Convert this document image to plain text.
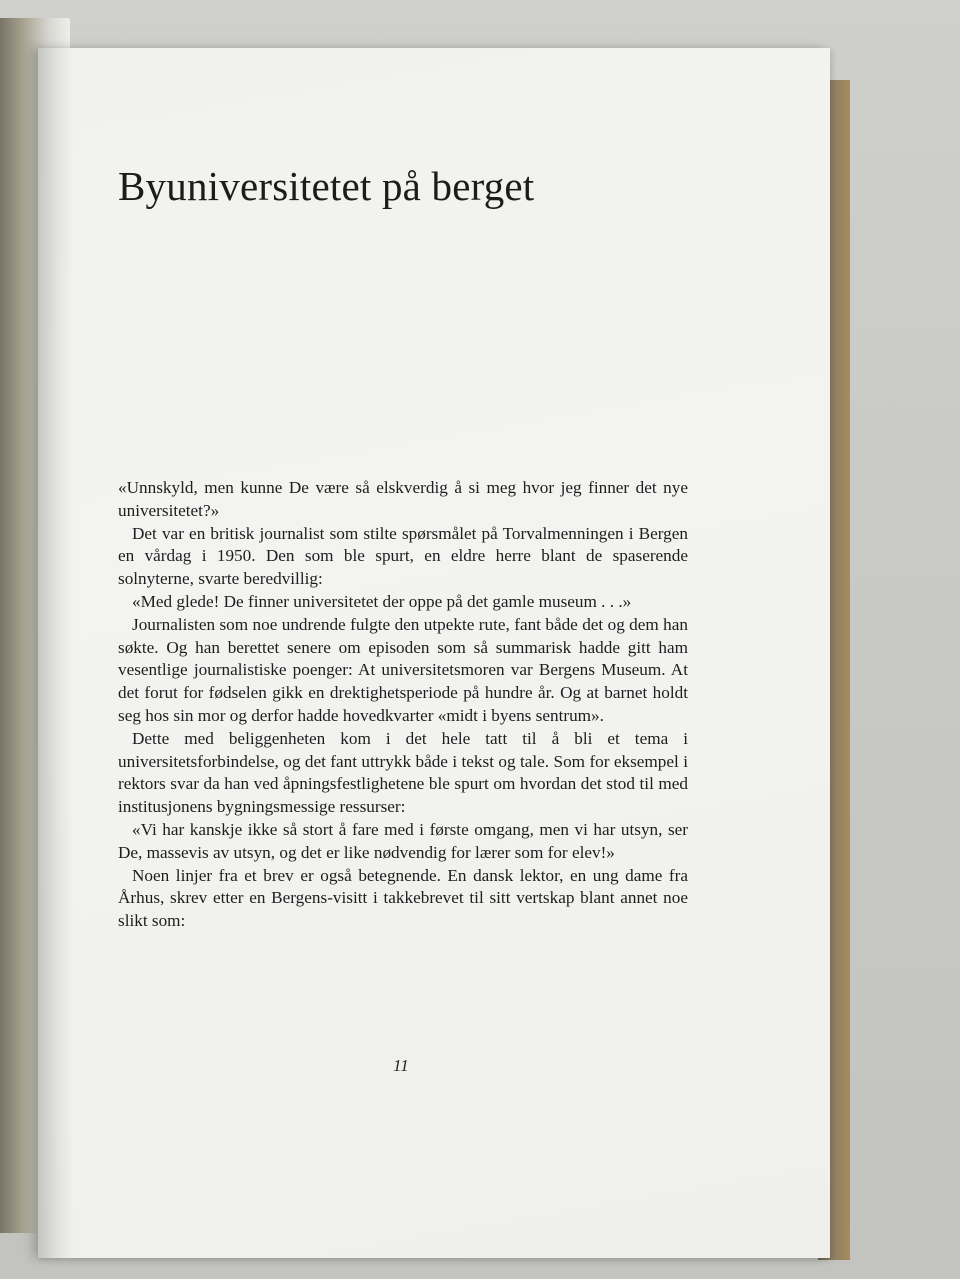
Byuniversitetet på berget

«Unnskyld, men kunne De være så elskverdig å si meg hvor jeg finner det nye universitetet?»

Det var en britisk journalist som stilte spørsmålet på Torvalmenningen i Bergen en vårdag i 1950. Den som ble spurt, en eldre herre blant de spaserende solnyterne, svarte beredvillig:

«Med glede! De finner universitetet der oppe på det gamle museum . . .»

Journalisten som noe undrende fulgte den utpekte rute, fant både det og dem han søkte. Og han berettet senere om episoden som så summarisk hadde gitt ham vesentlige journalistiske poenger: At universitetsmoren var Bergens Museum. At det forut for fødselen gikk en drektighetsperiode på hundre år. Og at barnet holdt seg hos sin mor og derfor hadde hovedkvarter «midt i byens sentrum».

Dette med beliggenheten kom i det hele tatt til å bli et tema i universitetsforbindelse, og det fant uttrykk både i tekst og tale. Som for eksempel i rektors svar da han ved åpningsfestlighetene ble spurt om hvordan det stod til med institusjonens bygningsmessige ressurser:

«Vi har kanskje ikke så stort å fare med i første omgang, men vi har utsyn, ser De, massevis av utsyn, og det er like nødvendig for lærer som for elev!»

Noen linjer fra et brev er også betegnende. En dansk lektor, en ung dame fra Århus, skrev etter en Bergens-visitt i takkebrevet til sitt vertskap blant annet noe slikt som:

11
